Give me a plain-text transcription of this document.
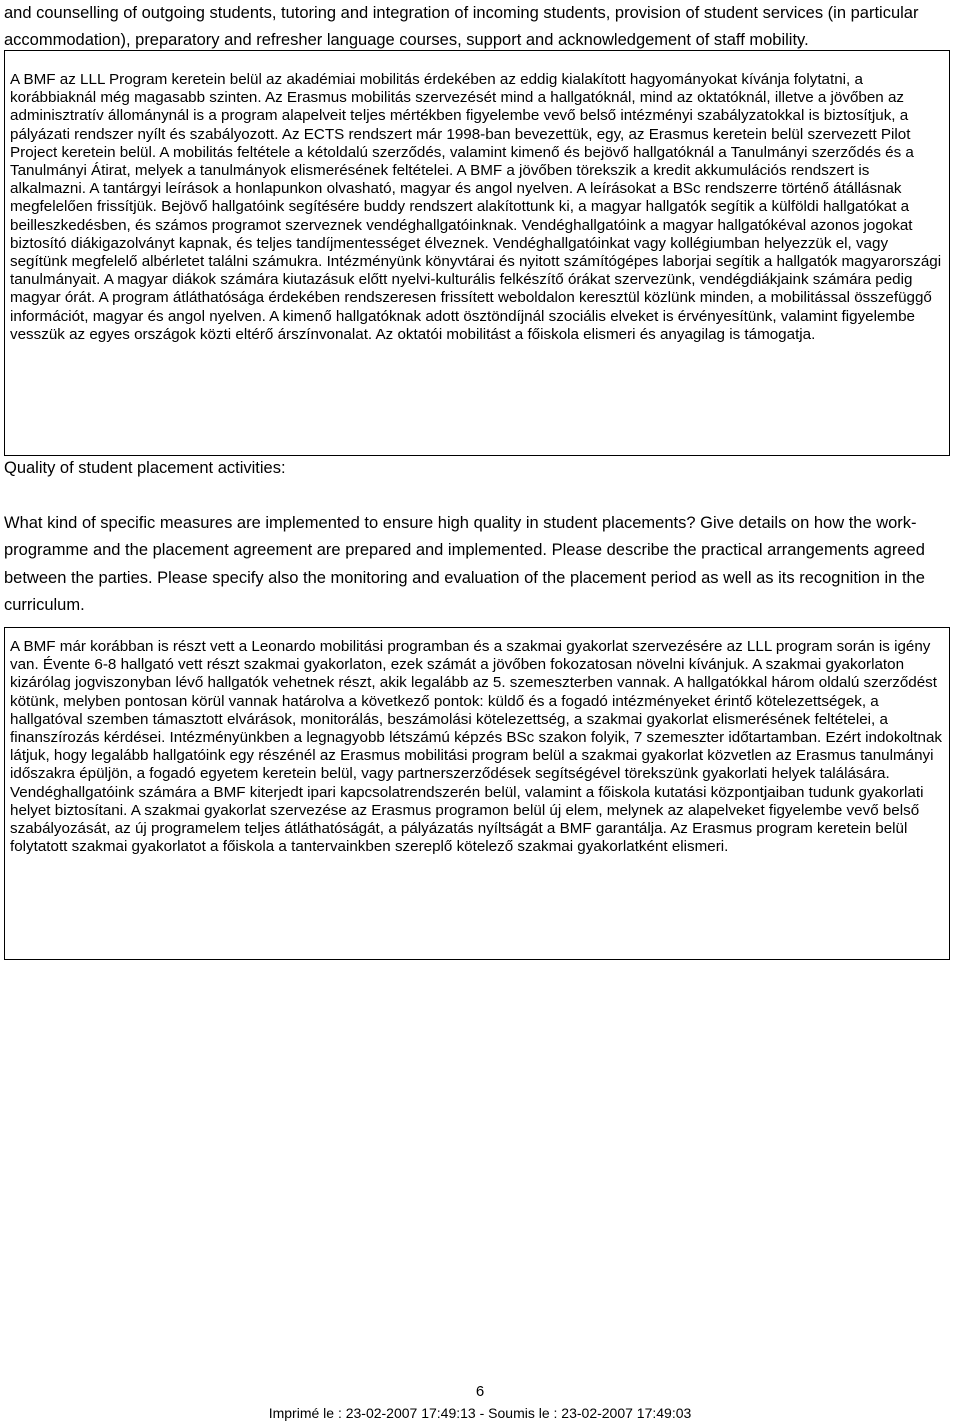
and counselling of outgoing students, tutoring and integration of incoming students, provision of student services (in particular accommodation), preparatory and refresher language courses, support and acknowledgement of staff mobility.

A BMF az LLL Program keretein belül az akadémiai mobilitás érdekében az eddig kialakított hagyományokat kívánja folytatni, a korábbiaknál még magasabb szinten. Az Erasmus mobilitás szervezését mind a hallgatóknál, mind az oktatóknál, illetve a jövőben az adminisztratív állománynál is a program alapelveit teljes mértékben figyelembe vevő belső intézményi szabályzatokkal is biztosítjuk, a pályázati rendszer nyílt és szabályozott. Az ECTS rendszert már 1998-ban bevezettük, egy, az Erasmus keretein belül szervezett Pilot Project keretein belül. A mobilitás feltétele a kétoldalú szerződés, valamint kimenő és bejövő hallgatóknál a Tanulmányi szerződés és a Tanulmányi Átirat, melyek a tanulmányok elismerésének feltételei. A BMF a jövőben törekszik a kredit akkumulációs rendszert is alkalmazni. A tantárgyi leírások a honlapunkon olvasható, magyar és angol nyelven. A leírásokat a BSc rendszerre történő átállásnak megfelelően frissítjük. Bejövő hallgatóink segítésére buddy rendszert alakítottunk ki, a magyar hallgatók segítik a külföldi hallgatókat a beilleszkedésben, és számos programot szerveznek vendéghallgatóinknak. Vendéghallgatóink a magyar hallgatókéval azonos jogokat biztosító diákigazolványt kapnak, és teljes tandíjmentességet élveznek. Vendéghallgatóinkat vagy kollégiumban helyezzük el, vagy segítünk megfelelő albérletet találni számukra. Intézményünk könyvtárai és nyitott számítógépes laborjai segítik a hallgatók magyarországi tanulmányait. A magyar diákok számára kiutazásuk előtt nyelvi-kulturális felkészítő órákat szervezünk, vendégdiákjaink számára pedig magyar órát. A program átláthatósága érdekében rendszeresen frissített weboldalon keresztül közlünk minden, a mobilitással összefüggő információt, magyar és angol nyelven. A kimenő hallgatóknak adott ösztöndíjnál szociális elveket is érvényesítünk, valamint figyelembe vesszük az egyes országok közti eltérő árszínvonalat. Az oktatói mobilitást a főiskola elismeri és anyagilag is támogatja.

Quality of student placement activities:

What kind of specific measures are implemented to ensure high quality in student placements? Give details on how the work-programme and the placement agreement are prepared and implemented. Please describe the practical arrangements agreed between the parties. Please specify also the monitoring and evaluation of the placement period as well as its recognition in the curriculum.

A BMF már korábban is részt vett a Leonardo mobilitási programban és a szakmai gyakorlat szervezésére az LLL program során is igény van. Évente 6-8 hallgató vett részt szakmai gyakorlaton, ezek számát a jövőben fokozatosan növelni kívánjuk. A szakmai gyakorlaton kizárólag jogviszonyban lévő hallgatók vehetnek részt, akik legalább az 5. szemeszterben vannak. A hallgatókkal három oldalú szerződést kötünk, melyben pontosan körül vannak határolva a következő pontok: küldő és a fogadó intézményeket érintő kötelezettségek, a hallgatóval szemben támasztott elvárások, monitorálás, beszámolási kötelezettség, a szakmai gyakorlat elismerésének feltételei, a finanszírozás kérdései. Intézményünkben a legnagyobb létszámú képzés BSc szakon folyik, 7 szemeszter időtartamban. Ezért indokoltnak látjuk, hogy legalább hallgatóink egy részénél az Erasmus mobilitási program belül a szakmai gyakorlat közvetlen az Erasmus tanulmányi időszakra épüljön, a fogadó egyetem keretein belül, vagy partnerszerződések segítségével törekszünk gyakorlati helyek találására. Vendéghallgatóink számára a BMF kiterjedt ipari kapcsolatrendszerén belül, valamint a főiskola kutatási központjaiban tudunk gyakorlati helyet biztosítani. A szakmai gyakorlat szervezése az Erasmus programon belül új elem, melynek az alapelveket figyelembe vevő belső szabályozását, az új programelem teljes átláthatóságát, a pályázatás nyíltságát a BMF garantálja. Az Erasmus program keretein belül folytatott szakmai gyakorlatot a főiskola a tantervainkben szereplő kötelező szakmai gyakorlatként elismeri.

6
Imprimé le : 23-02-2007 17:49:13 - Soumis le : 23-02-2007 17:49:03
